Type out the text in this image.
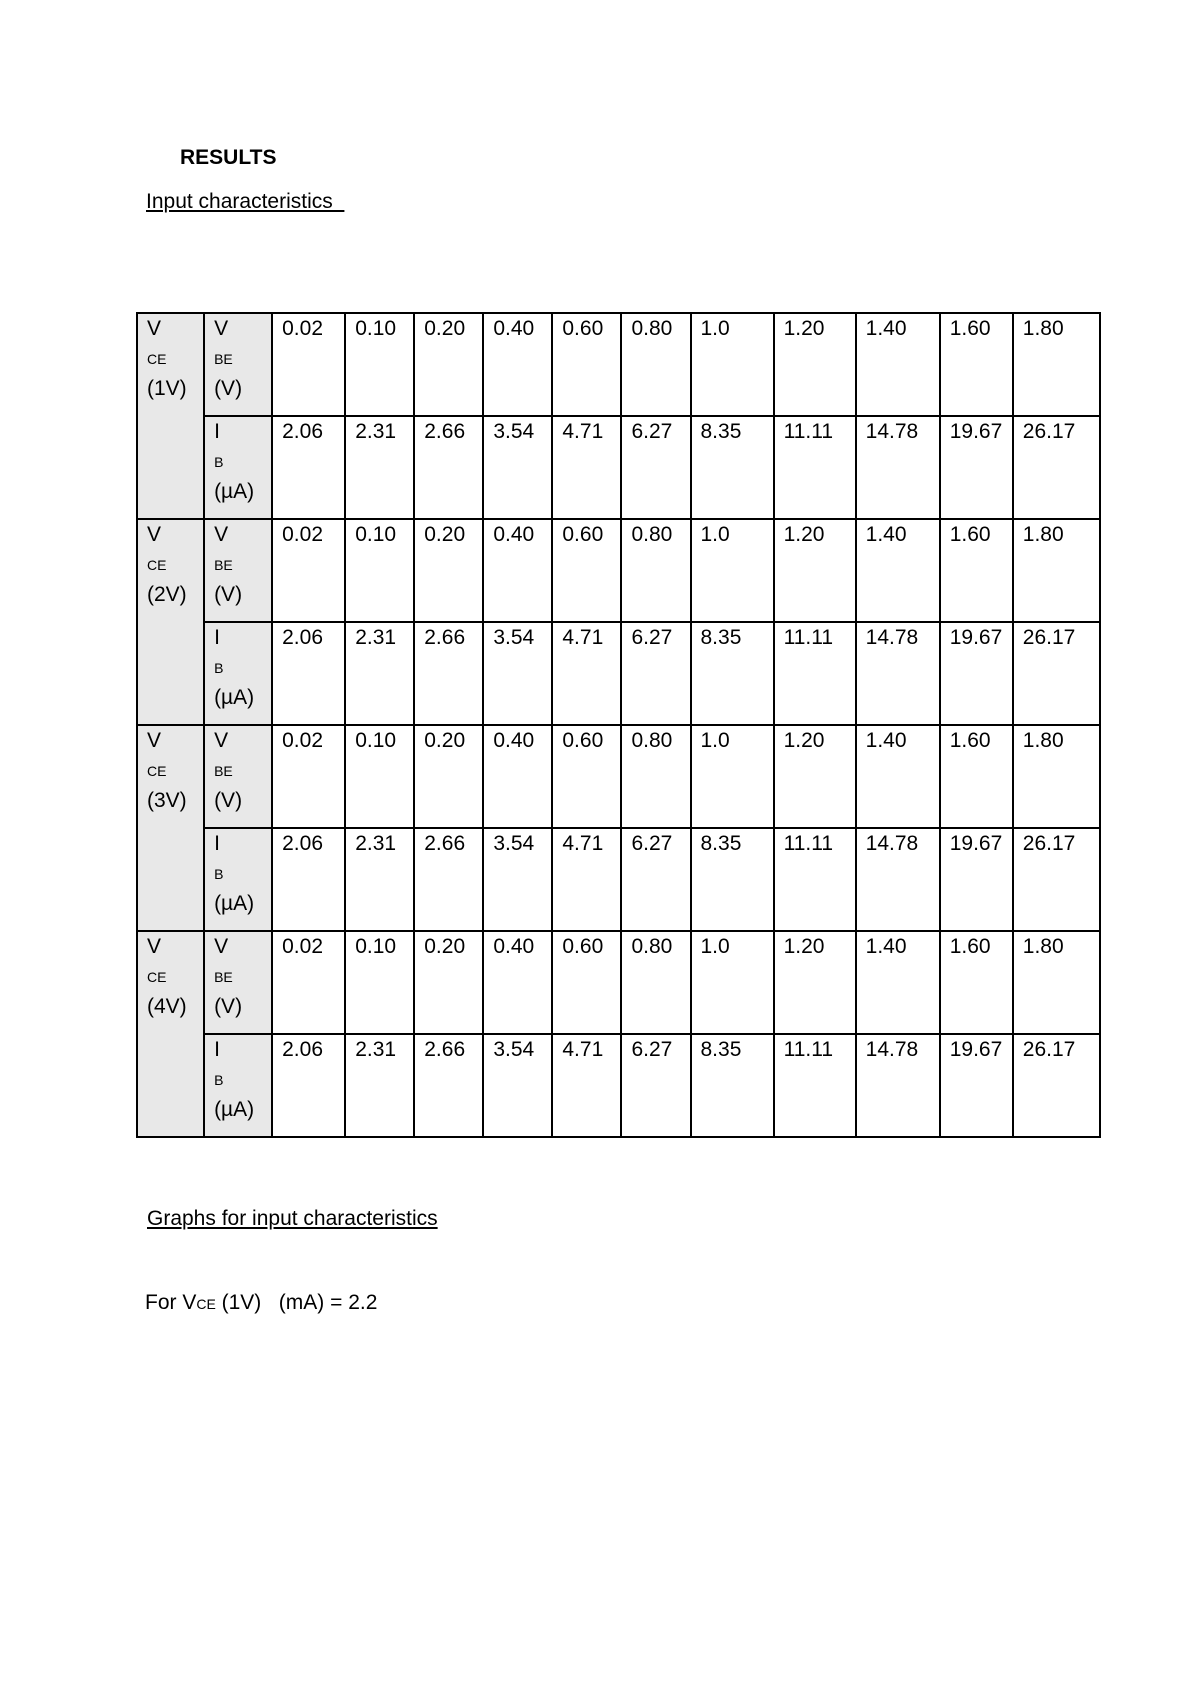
RESULTS
Input characteristics
V
CE
(1V)	V
BE
(V)	0.02	0.10	0.20	0.40	0.60	0.80	1.0	1.20	1.40	1.60	1.80

	I
B
(µA)	2.06	2.31	2.66	3.54	4.71	6.27	8.35	11.11	14.78	19.67	26.17

V
CE
(2V)	V
BE
(V)	0.02	0.10	0.20	0.40	0.60	0.80	1.0	1.20	1.40	1.60	1.80

	I
B
(µA)	2.06	2.31	2.66	3.54	4.71	6.27	8.35	11.11	14.78	19.67	26.17

V
CE
(3V)	V
BE
(V)	0.02	0.10	0.20	0.40	0.60	0.80	1.0	1.20	1.40	1.60	1.80

	I
B
(µA)	2.06	2.31	2.66	3.54	4.71	6.27	8.35	11.11	14.78	19.67	26.17

V
CE
(4V)	V
BE
(V)	0.02	0.10	0.20	0.40	0.60	0.80	1.0	1.20	1.40	1.60	1.80

	I
B
(µA)	2.06	2.31	2.66	3.54	4.71	6.27	8.35	11.11	14.78	19.67	26.17
Graphs for input characteristics
For VCE (1V)   (mA) = 2.2
